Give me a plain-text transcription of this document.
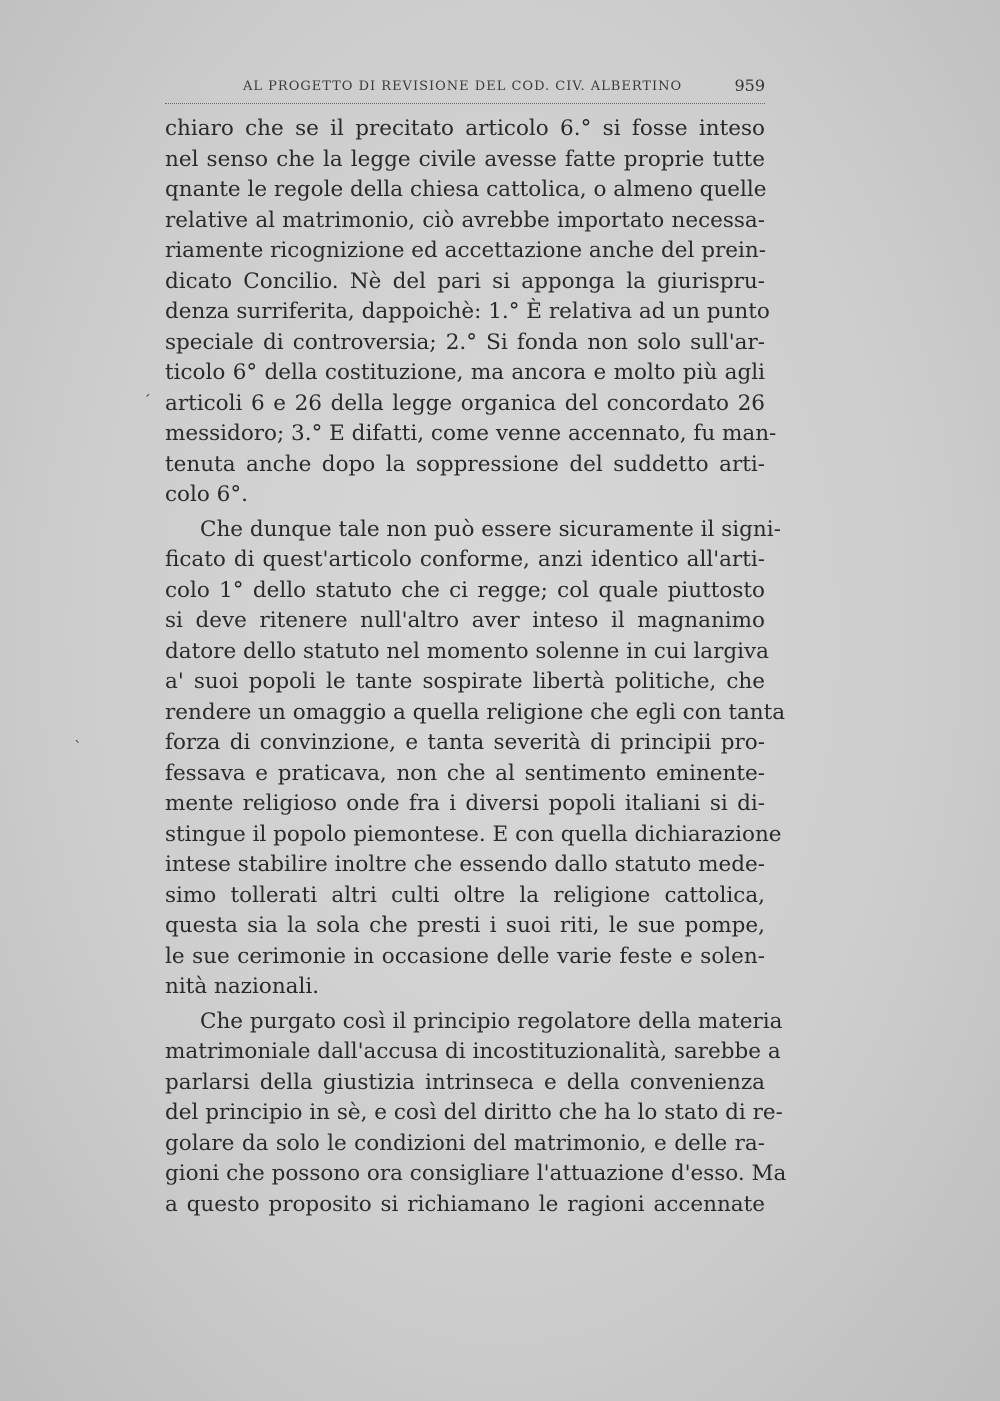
AL PROGETTO DI REVISIONE DEL COD. CIV. ALBERTINO	959
chiaro che se il precitato articolo 6.° si fosse inteso
nel senso che la legge civile avesse fatte proprie tutte
qnante le regole della chiesa cattolica, o almeno quelle
relative al matrimonio, ciò avrebbe importato necessa-
riamente ricognizione ed accettazione anche del prein-
dicato Concilio. Nè del pari si apponga la giurispru-
denza surriferita, dappoichè: 1.° È relativa ad un punto
speciale di controversia; 2.° Si fonda non solo sull'ar-
ticolo 6° della costituzione, ma ancora e molto più agli
articoli 6 e 26 della legge organica del concordato 26
messidoro; 3.° E difatti, come venne accennato, fu man-
tenuta anche dopo la soppressione del suddetto arti-
colo 6°.
Che dunque tale non può essere sicuramente il signi-
ficato di quest'articolo conforme, anzi identico all'arti-
colo 1° dello statuto che ci regge; col quale piuttosto
si deve ritenere null'altro aver inteso il magnanimo
datore dello statuto nel momento solenne in cui largiva
a' suoi popoli le tante sospirate libertà politiche, che
rendere un omaggio a quella religione che egli con tanta
forza di convinzione, e tanta severità di principii pro-
fessava e praticava, non che al sentimento eminente-
mente religioso onde fra i diversi popoli italiani si di-
stingue il popolo piemontese. E con quella dichiarazione
intese stabilire inoltre che essendo dallo statuto mede-
simo tollerati altri culti oltre la religione cattolica,
questa sia la sola che presti i suoi riti, le sue pompe,
le sue cerimonie in occasione delle varie feste e solen-
nità nazionali.
Che purgato così il principio regolatore della materia
matrimoniale dall'accusa di incostituzionalità, sarebbe a
parlarsi della giustizia intrinseca e della convenienza
del principio in sè, e così del diritto che ha lo stato di re-
golare da solo le condizioni del matrimonio, e delle ra-
gioni che possono ora consigliare l'attuazione d'esso. Ma
a questo proposito si richiamano le ragioni accennate
ˊ
ˋ
